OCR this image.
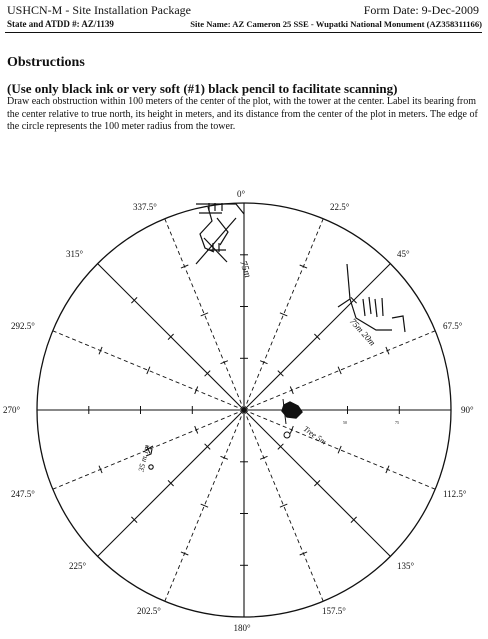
USHCN-M - Site Installation Package	Form Date: 9-Dec-2009
State and ATDD #: AZ/1139	Site Name: AZ Cameron 25 SSE - Wupatki National Monument (AZ358311166)
Obstructions
(Use only black ink or very soft (#1) black pencil to facilitate scanning)
Draw each obstruction within 100 meters of the center of the plot, with the tower at the center. Label its bearing from the center relative to true north, its height in meters, and its distance from the center of the plot in meters. The edge of the circle represents the 100 meter radius from the tower.
0°
22.5°
45°
67.5°
90°
112.5°
135°
157.5°
180°
202.5°
225°
247.5°
270°
292.5°
315°
337.5°
50	75
75m
75m 20m
Tree 5m
35 m 1m
